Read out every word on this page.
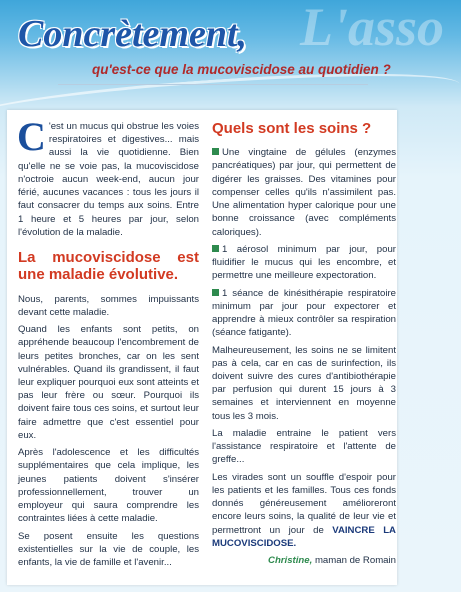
L'asso
Concrètement,
qu'est-ce que la mucoviscidose au quotidien ?

C 'est un mucus qui obstrue les voies respiratoires et digestives... mais aussi la vie quotidienne. Bien qu'elle ne se voie pas, la mucoviscidose n'octroie aucun week-end, aucun jour férié, aucunes vacances : tous les jours il faut consacrer du temps aux soins. Entre 1 heure et 5 heures par jour, selon l'évolution de la maladie.

La mucoviscidose est une maladie évolutive.

Nous, parents, sommes impuissants devant cette maladie.

Quand les enfants sont petits, on appréhende beaucoup l'encombrement de leurs petites bronches, car on les sent vulnérables. Quand ils grandissent, il faut leur expliquer pourquoi eux sont atteints et pas leur frère ou sœur. Pourquoi ils doivent faire tous ces soins, et surtout leur faire admettre que c'est essentiel pour eux.

Après l'adolescence et les difficultés supplémentaires que cela implique, les jeunes patients doivent s'insérer professionnellement, trouver un employeur qui saura comprendre les contraintes liées à cette maladie.

Se posent ensuite les questions existentielles sur la vie de couple, les enfants, la vie de famille et l'avenir...

Quels sont les soins ?

Une vingtaine de gélules (enzymes pancréatiques) par jour, qui permettent de digérer les graisses. Des vitamines pour compenser celles qu'ils n'assimilent pas. Une alimentation hyper calorique pour une bonne croissance (avec compléments caloriques).

1 aérosol minimum par jour, pour fluidifier le mucus qui les encombre, et permettre une meilleure expectoration.

1 séance de kinésithérapie respiratoire minimum par jour pour expectorer et apprendre à mieux contrôler sa respiration (séance fatigante).

Malheureusement, les soins ne se limitent pas à cela, car en cas de surinfection, ils doivent suivre des cures d'antibiothérapie par perfusion qui durent 15 jours à 3 semaines et interviennent en moyenne tous les 3 mois.

La maladie entraine le patient vers l'assistance respiratoire et l'attente de greffe...

Les virades sont un souffle d'espoir pour les patients et les familles. Tous ces fonds donnés généreusement amélioreront encore leurs soins, la qualité de leur vie et permettront un jour de VAINCRE LA MUCOVISCIDOSE.

Christine, maman de Romain
